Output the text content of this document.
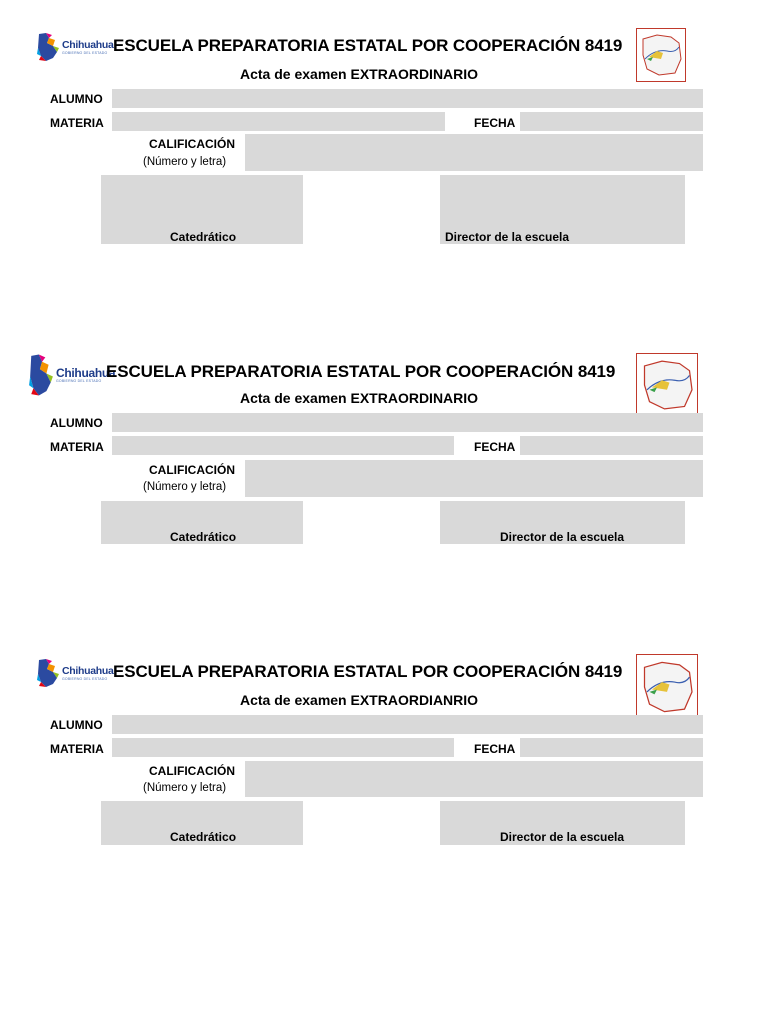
Chihuahua
GOBIERNO DEL ESTADO ESCUELA PREPARATORIA ESTATAL POR COOPERACIÓN 8419
Acta de examen EXTRAORDINARIO
ALUMNO
MATERIA	FECHA
CALIFICACIÓN
(Número y letra)
Catedrático	Director de la escuela
Chihuahua
GOBIERNO DEL ESTADO ESCUELA PREPARATORIA ESTATAL POR COOPERACIÓN 8419
Acta de examen EXTRAORDINARIO
ALUMNO
MATERIA	FECHA
CALIFICACIÓN
(Número y letra)
Catedrático	Director de la escuela
Chihuahua
GOBIERNO DEL ESTADO ESCUELA PREPARATORIA ESTATAL POR COOPERACIÓN 8419
Acta de examen EXTRAORDIANRIO
ALUMNO
MATERIA	FECHA
CALIFICACIÓN
(Número y letra)
Catedrático	Director de la escuela
